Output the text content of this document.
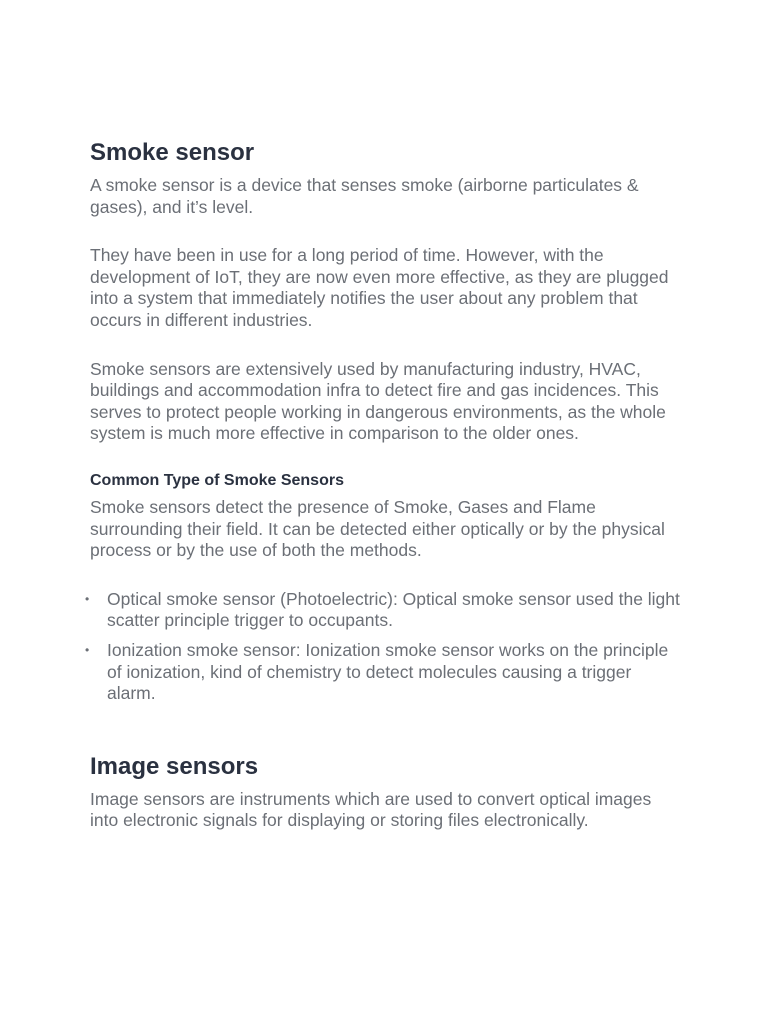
Smoke sensor

A smoke sensor is a device that senses smoke (airborne particulates & gases), and it’s level.

They have been in use for a long period of time. However, with the development of IoT, they are now even more effective, as they are plugged into a system that immediately notifies the user about any problem that occurs in different industries.

Smoke sensors are extensively used by manufacturing industry, HVAC, buildings and accommodation infra to detect fire and gas incidences. This serves to protect people working in dangerous environments, as the whole system is much more effective in comparison to the older ones.

Common Type of Smoke Sensors

Smoke sensors detect the presence of Smoke, Gases and Flame surrounding their field. It can be detected either optically or by the physical process or by the use of both the methods.

• Optical smoke sensor (Photoelectric): Optical smoke sensor used the light scatter principle trigger to occupants.
• Ionization smoke sensor: Ionization smoke sensor works on the principle of ionization, kind of chemistry to detect molecules causing a trigger alarm.
Image sensors

Image sensors are instruments which are used to convert optical images into electronic signals for displaying or storing files electronically.
